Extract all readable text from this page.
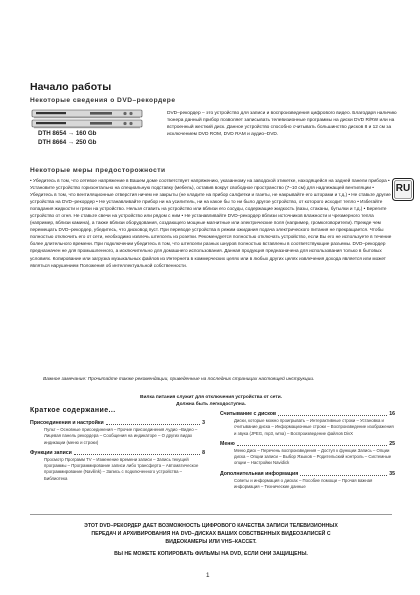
Начало работы
Некоторые сведения о DVD–рекордере
DTH 8654 → 160 Gb
DTH 8664 → 250 Gb
DVD–рекордер – это устройство для записи и воспроизведения цифрового видео. Благодаря наличию тюнера данный прибор позволяет записывать телевизионные программы на диски DVD R/RW или на встроенный жесткий диск. Данное устройство способно считывать большинство дисков 8 и 12 см за исключением DVD ROM, DVD RAM и аудио–DVD.
Некоторые меры предосторожности
RU
• Убедитесь в том, что сетевое напряжение в Вашем доме соответствует напряжению, указанному на заводской этикетке, находящейся на задней панели прибора • Установите устройство горизонтально на специальную подставку (мебель), оставив вокруг свободное пространство (7–10 см) для надлежащей вентиляции • Убедитесь в том, что вентиляционные отверстия ничем не закрыты (не кладите на прибор салфетки и газеты, не накрывайте его шторами и т.д.) • Не ставьте другие устройства на DVD–рекордер • Не устанавливайте прибор ни на усилитель, ни на какое бы то ни было другое устройство, от которого исходит тепло • Избегайте попадания жидкости и грязи на устройство. Нельзя ставить на устройство или вблизи его сосуды, содержащие жидкость (вазы, стаканы, бутылки и т.д.) • Берегите устройство от огня. Не ставьте свечи на устройство или рядом с ним • Не устанавливайте DVD–рекордер вблизи источников влажности и чрезмерного тепла (например, вблизи камина), а также вблизи оборудования, создающего мощные магнитные или электрические поля (например, громкоговорители). Прежде чем перемещать DVD–рекордер, убедитесь, что дисковод пуст. При переводе устройства в режим ожидания подача электрического питания не прекращается. Чтобы полностью отключить его от сети, необходимо извлечь штепсель из розетки. Рекомендуется полностью отключать устройство, если Вы его не используете в течение более длительного времени. При подключении убедитесь в том, что штепсели разных шнуров полностью вставлены в соответствующие разъемы. DVD–рекордер предназначен не для промышленного, а исключительно для домашнего использования. Данная продукция предназначена для использования только в бытовых условиях. Копирование или загрузка музыкальных файлов из Интернета в коммерческих целях или в любых других целях извлечения дохода является или может являться нарушением Положения об интеллектуальной собственности.
Важное замечание: Прочитайте также рекомендации, приведенные на последних страницах настоящей инструкции.
Вилка питания служит для отключения устройства от сети.
Должна быть легкодоступна.
Краткое содержание...
Присоединения и настройки	3
Пульт – Основные присоединения – Прочие присоединения Аудио –Видео – Лицевая панель рекордера – Сообщения на индикаторе – О других видах индикации (меню и строки)
Функции записи	8
Просмотр Программ TV – Изменение времени записи – Запись текущей программы – Программирование записи либо трансферта – Автоматическое программирование (Navilink) – Запись с подключенного устройства – Библиотека
Считывание с дисков	16
Диски, которые можно проигрывать – Интерактивные строки – Установка и считывание диска – Информационные строки – Воспроизведение изображения и звука (JPEG, mp3, wma) – Воспроизведение файлов DivX
Меню	25
Меню Диск – Перечень воспроизведения – Доступ к функции Запись – Опции диска – Опции записи – Выбор Языков – Родительский контроль – Системные опции – Настройки Navidick
Дополнительная информация	35
Советы и информация о дисках – Пособие помощи – Прочая важная информация – Технические данные
ЭТОТ DVD–РЕКОРДЕР ДАЕТ ВОЗМОЖНОСТЬ ЦИФРОВОГО КАЧЕСТВА ЗАПИСИ ТЕЛЕВИЗИОННЫХ
ПЕРЕДАЧ И АРХИВИРОВАНИЯ НА DVD–ДИСКАХ ВАШИХ СОБСТВЕННЫХ ВИДЕОЗАПИСЕЙ С
ВИДЕОКАМЕРЫ ИЛИ VHS–КАССЕТ.
ВЫ НЕ МОЖЕТЕ КОПИРОВАТЬ ФИЛЬМЫ НА DVD, ЕСЛИ ОНИ ЗАЩИЩЕНЫ.
1
